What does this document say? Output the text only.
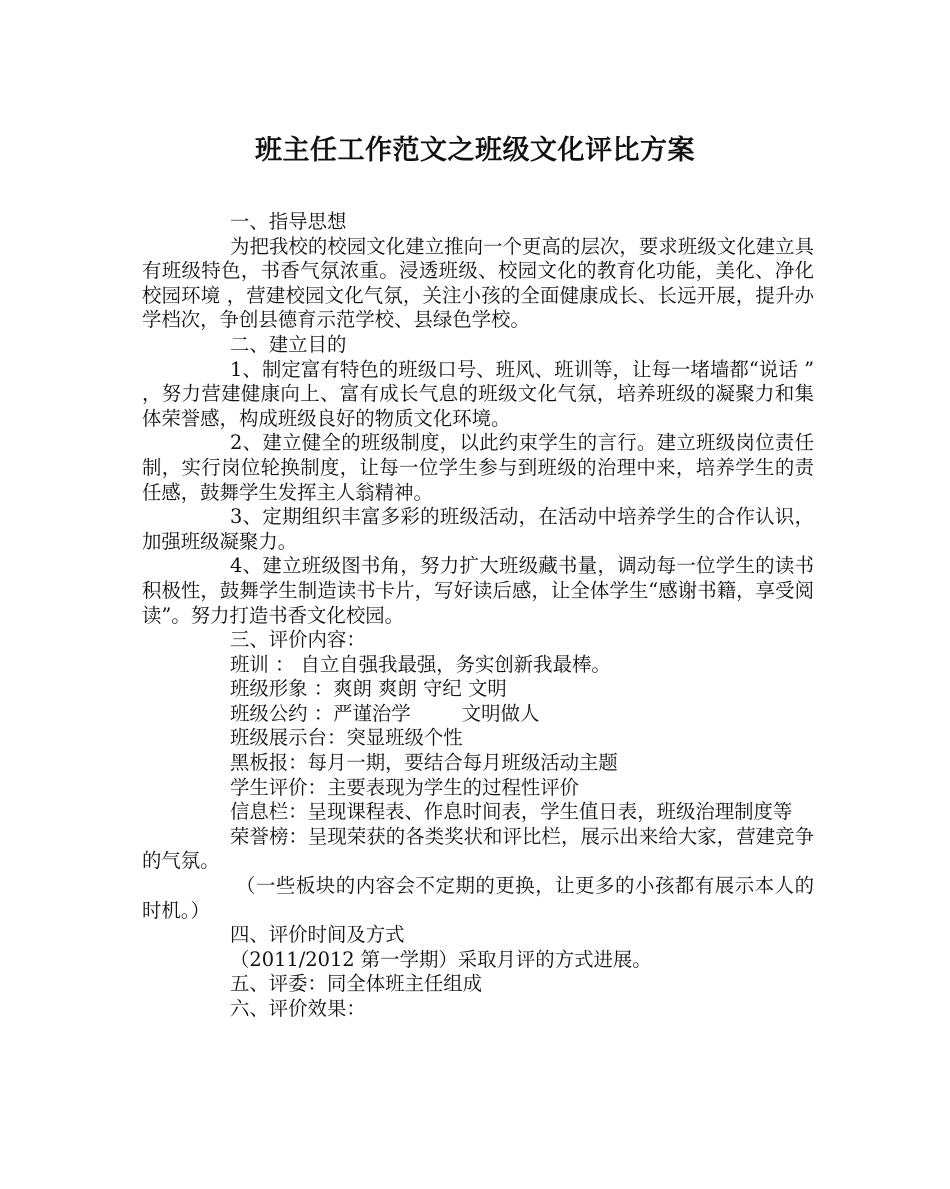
班主任工作范文之班级文化评比方案

一、指导思想

为把我校的校园文化建立推向一个更高的层次，要求班级文化建立具有班级特色，书香气氛浓重。浸透班级、校园文化的教育化功能，美化、净化校园环境 ，营建校园文化气氛，关注小孩的全面健康成长、长远开展，提升办学档次，争创县德育示范学校、县绿色学校。

二、建立目的

1、制定富有特色的班级口号、班风、班训等，让每一堵墙都“说话 ” ，努力营建健康向上、富有成长气息的班级文化气氛，培养班级的凝聚力和集体荣誉感，构成班级良好的物质文化环境。

2、建立健全的班级制度，以此约束学生的言行。建立班级岗位责任制，实行岗位轮换制度，让每一位学生参与到班级的治理中来，培养学生的责任感，鼓舞学生发挥主人翁精神。

3、定期组织丰富多彩的班级活动，在活动中培养学生的合作认识，加强班级凝聚力。

4、建立班级图书角，努力扩大班级藏书量，调动每一位学生的读书积极性，鼓舞学生制造读书卡片，写好读后感，让全体学生“感谢书籍，享受阅读”。努力打造书香文化校园。

三、评价内容：

班训 ： 自立自强我最强，务实创新我最棒。

班级形象 ：爽朗 爽朗 守纪 文明

班级公约 ：严谨治学 　　 文明做人

班级展示台：突显班级个性

黑板报：每月一期，要结合每月班级活动主题

学生评价：主要表现为学生的过程性评价

信息栏：呈现课程表、作息时间表，学生值日表，班级治理制度等

荣誉榜：呈现荣获的各类奖状和评比栏，展示出来给大家，营建竞争的气氛。

（一些板块的内容会不定期的更换，让更多的小孩都有展示本人的时机。）

四、评价时间及方式

（2011/2012 第一学期）采取月评的方式进展。

五、评委：同全体班主任组成

六、评价效果：
